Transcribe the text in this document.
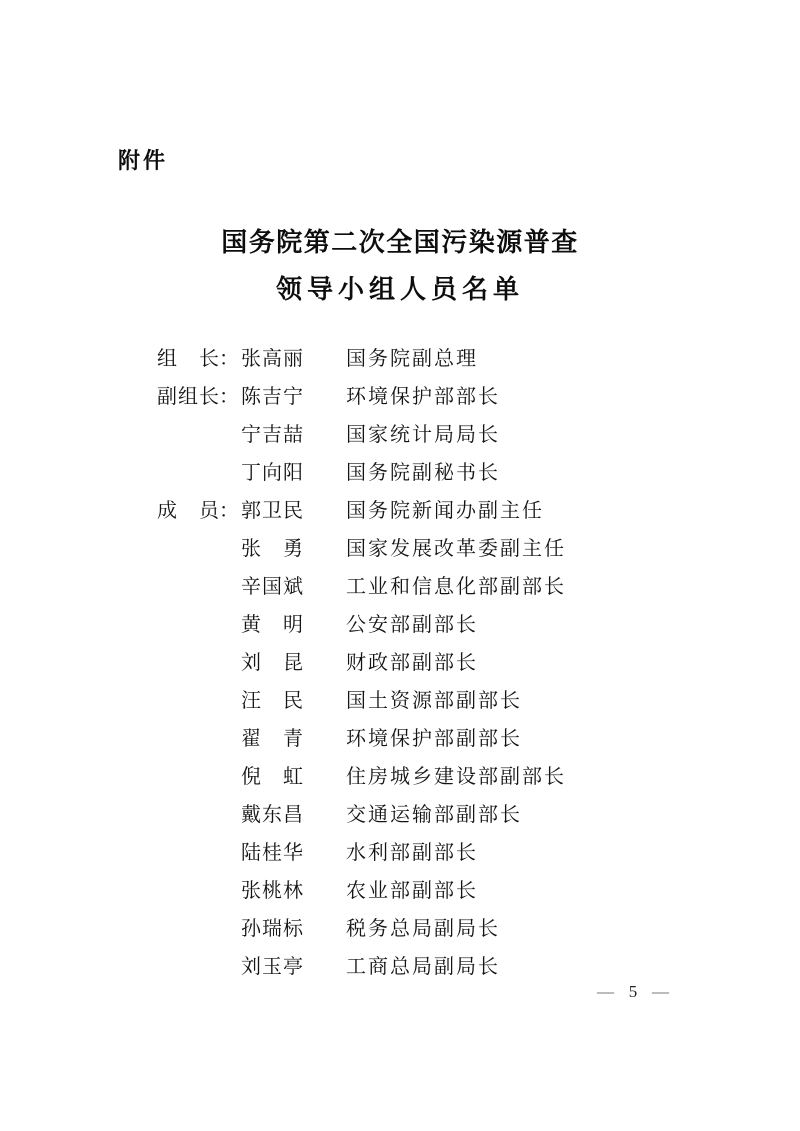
附件
国务院第二次全国污染源普查
领导小组人员名单
组 长 ： 张 高 丽 国务院副总理
副 组 长 ： 陈 吉 宁 环境保护部部长
宁 吉 喆 国家统计局局长
丁 向 阳 国务院副秘书长
成 员 ： 郭 卫 民 国务院新闻办副主任
张 勇 国家发展改革委副主任
辛 国 斌 工业和信息化部副部长
黄 明 公安部副部长
刘 昆 财政部副部长
汪 民 国土资源部副部长
翟 青 环境保护部副部长
倪 虹 住房城乡建设部副部长
戴 东 昌 交通运输部副部长
陆 桂 华 水利部副部长
张 桃 林 农业部副部长
孙 瑞 标 税务总局副局长
刘 玉 亭 工商总局副局长
— 5 —
